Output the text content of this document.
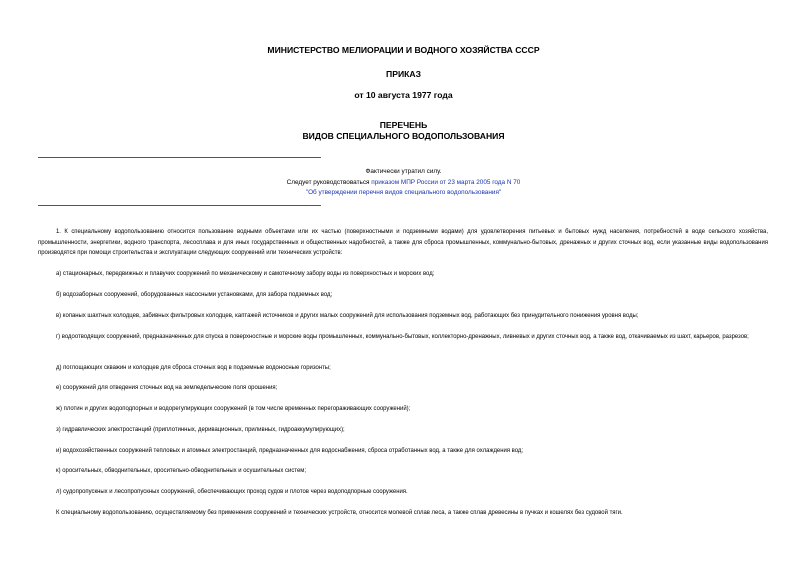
МИНИСТЕРСТВО МЕЛИОРАЦИИ И ВОДНОГО ХОЗЯЙСТВА СССР
ПРИКАЗ
от 10 августа 1977 года
ПЕРЕЧЕНЬ
ВИДОВ СПЕЦИАЛЬНОГО ВОДОПОЛЬЗОВАНИЯ
Фактически утратил силу.
Следует руководствоваться приказом МПР России от 23 марта 2005 года N 70
"Об утверждении перечня видов специального водопользования"
1. К специальному водопользованию относится пользование водными объектами или их частью (поверхностными и подземными водами) для удовлетворения питьевых и бытовых нужд населения, потребностей в воде сельского хозяйства, промышленности, энергетики, водного транспорта, лесосплава и для иных государственных и общественных надобностей, а также для сброса промышленных, коммунально-бытовых, дренажных и других сточных вод, если указанные виды водопользования производятся при помощи строительства и эксплуатации следующих сооружений или технических устройств:
а) стационарных, передвижных и плавучих сооружений по механическому и самотечному забору воды из поверхностных и морских вод;
б) водозаборных сооружений, оборудованных насосными установками, для забора подземных вод;
в) копаных шахтных колодцев, забивных фильтровых колодцев, каптажей источников и других малых сооружений для использования подземных вод, работающих без принудительного понижения уровня воды;
г) водоотводящих сооружений, предназначенных для спуска в поверхностные и морские воды промышленных, коммунально-бытовых, коллекторно-дренажных, ливневых и других сточных вод, а также вод, откачиваемых из шахт, карьеров, разрезов;
д) поглощающих скважин и колодцев для сброса сточных вод в подземные водоносные горизонты;
е) сооружений для отведения сточных вод на земледельческие поля орошения;
ж) плотин и других водоподпорных и водорегулирующих сооружений (в том числе временных перегораживающих сооружений);
з) гидравлических электростанций (приплотинных, деривационных, приливных, гидроаккумулирующих);
и) водохозяйственных сооружений тепловых и атомных электростанций, предназначенных для водоснабжения, сброса отработанных вод, а также для охлаждения вод;
к) оросительных, обводнительных, оросительно-обводнительных и осушительных систем;
л) судопропускных и лесопропускных сооружений, обеспечивающих проход судов и плотов через водоподпорные сооружения.
К специальному водопользованию, осуществляемому без применения сооружений и технических устройств, относится молевой сплав леса, а также сплав древесины в пучках и кошелях без судовой тяги.
